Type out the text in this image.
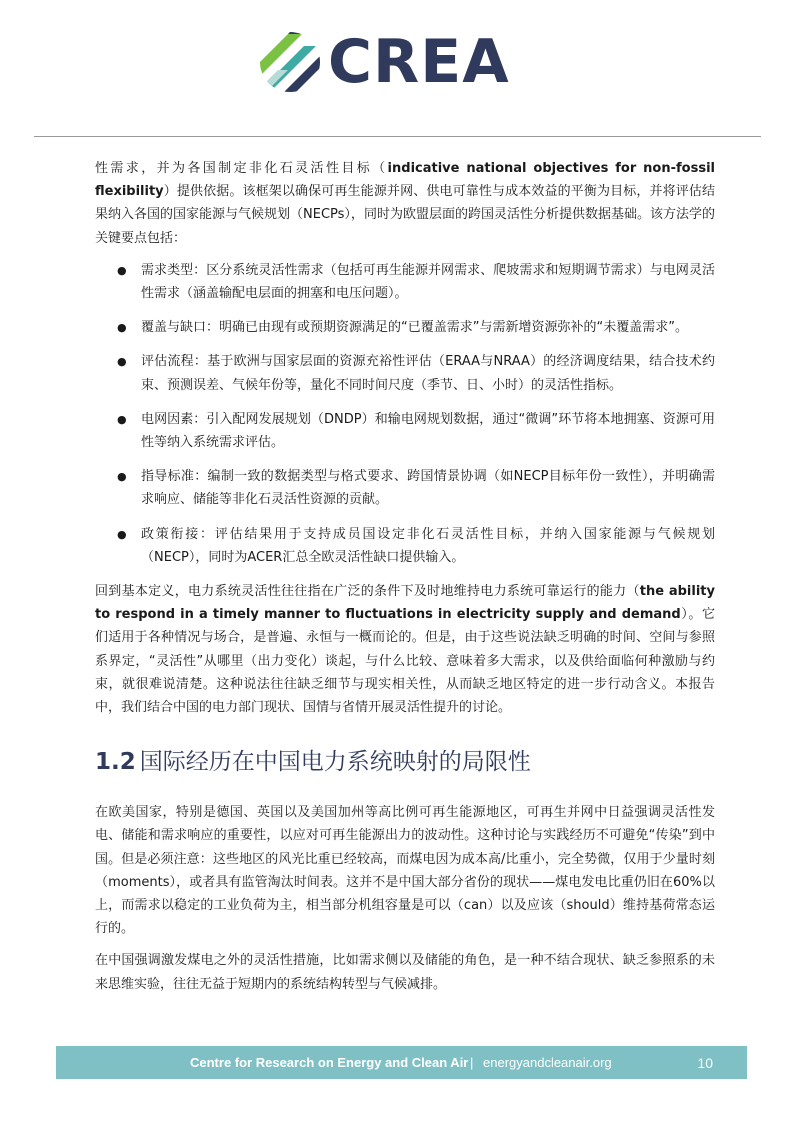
CREA

性需求，并为各国制定非化石灵活性目标（indicative national objectives for non-fossil flexibility）提供依据。该框架以确保可再生能源并网、供电可靠性与成本效益的平衡为目标，并将评估结果纳入各国的国家能源与气候规划（NECPs），同时为欧盟层面的跨国灵活性分析提供数据基础。该方法学的关键要点包括：

● 需求类型：区分系统灵活性需求（包括可再生能源并网需求、爬坡需求和短期调节需求）与电网灵活性需求（涵盖输配电层面的拥塞和电压问题）。
● 覆盖与缺口：明确已由现有或预期资源满足的“已覆盖需求”与需新增资源弥补的“未覆盖需求”。
● 评估流程：基于欧洲与国家层面的资源充裕性评估（ERAA与NRAA）的经济调度结果，结合技术约束、预测误差、气候年份等，量化不同时间尺度（季节、日、小时）的灵活性指标。
● 电网因素：引入配网发展规划（DNDP）和输电网规划数据，通过“微调”环节将本地拥塞、资源可用性等纳入系统需求评估。
● 指导标准：编制一致的数据类型与格式要求、跨国情景协调（如NECP目标年份一致性），并明确需求响应、储能等非化石灵活性资源的贡献。
● 政策衔接：评估结果用于支持成员国设定非化石灵活性目标，并纳入国家能源与气候规划（NECP），同时为ACER汇总全欧灵活性缺口提供输入。

回到基本定义，电力系统灵活性往往指在广泛的条件下及时地维持电力系统可靠运行的能力（the ability to respond in a timely manner to fluctuations in electricity supply and demand）。它们适用于各种情况与场合，是普遍、永恒与一概而论的。但是，由于这些说法缺乏明确的时间、空间与参照系界定，“灵活性”从哪里（出力变化）谈起，与什么比较、意味着多大需求，以及供给面临何种激励与约束，就很难说清楚。这种说法往往缺乏细节与现实相关性，从而缺乏地区特定的进一步行动含义。本报告中，我们结合中国的电力部门现状、国情与省情开展灵活性提升的讨论。

1.2 国际经历在中国电力系统映射的局限性

在欧美国家，特别是德国、英国以及美国加州等高比例可再生能源地区，可再生并网中日益强调灵活性发电、储能和需求响应的重要性，以应对可再生能源出力的波动性。这种讨论与实践经历不可避免“传染”到中国。但是必须注意：这些地区的风光比重已经较高，而煤电因为成本高/比重小，完全势微，仅用于少量时刻（moments），或者具有监管淘汰时间表。这并不是中国大部分省份的现状——煤电发电比重仍旧在60%以上，而需求以稳定的工业负荷为主，相当部分机组容量是可以（can）以及应该（should）维持基荷常态运行的。

在中国强调激发煤电之外的灵活性措施，比如需求侧以及储能的角色，是一种不结合现状、缺乏参照系的未来思维实验，往往无益于短期内的系统结构转型与气候减排。

Centre for Research on Energy and Clean Air | energyandcleanair.org	10
